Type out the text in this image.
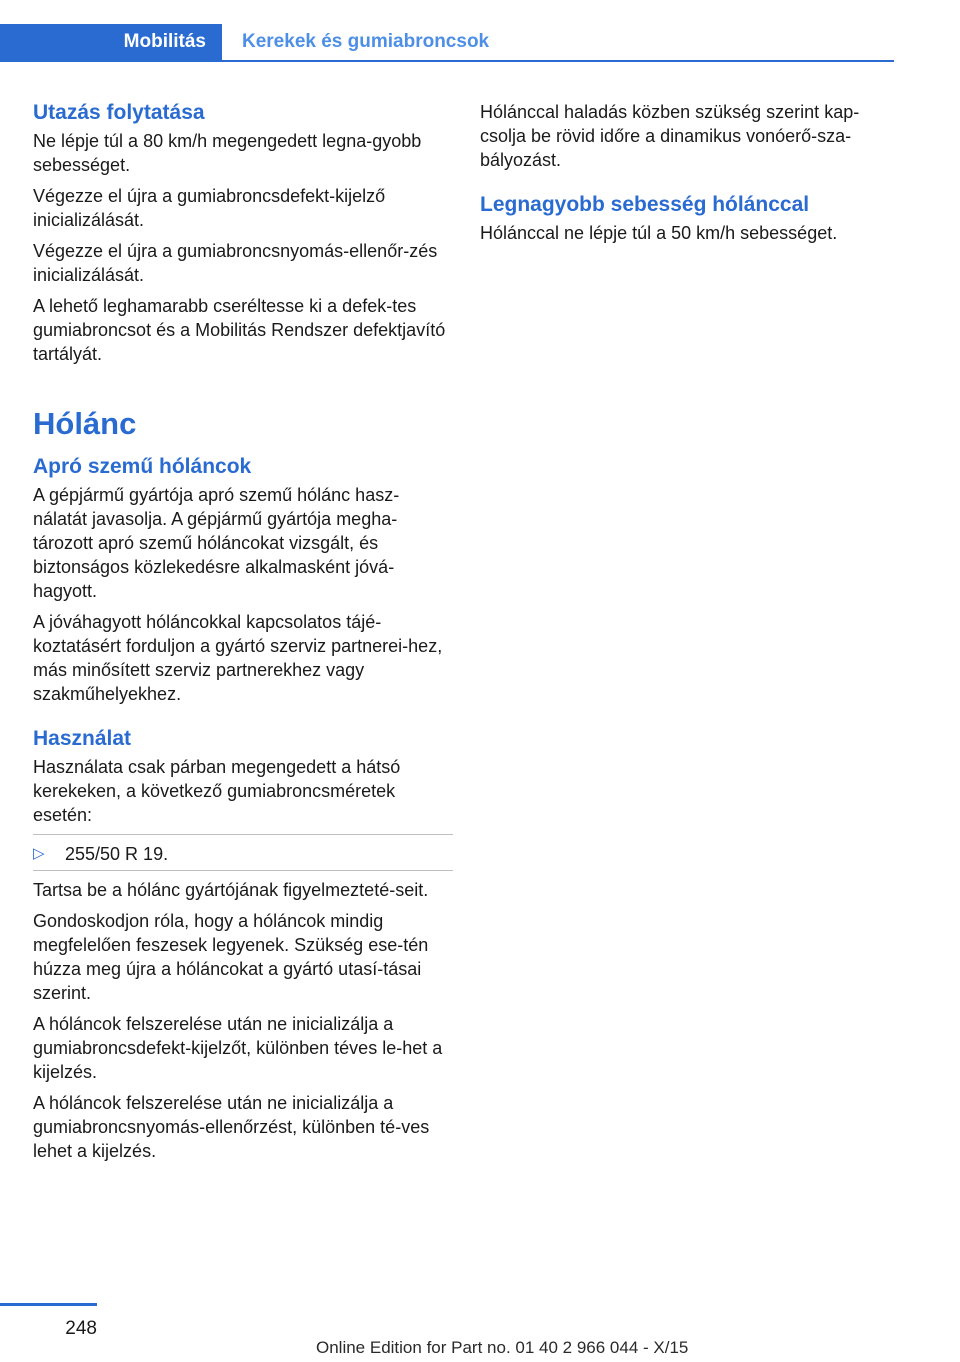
Mobilitás Kerekek és gumiabroncsok
Utazás folytatása

Ne lépje túl a 80 km/h megengedett legna‐gyobb sebességet.

Végezze el újra a gumiabroncsdefekt-kijelző inicializálását.

Végezze el újra a gumiabroncsnyomás-ellenőr‐zés inicializálását.

A lehető leghamarabb cseréltesse ki a defek‐tes gumiabroncsot és a Mobilitás Rendszer defektjavító tartályát.

Hólánc
Apró szemű hóláncok

A gépjármű gyártója apró szemű hólánc hasz‐nálatát javasolja. A gépjármű gyártója megha‐tározott apró szemű hóláncokat vizsgált, és biztonságos közlekedésre alkalmasként jóvá‐hagyott.

A jóváhagyott hóláncokkal kapcsolatos tájé‐koztatásért forduljon a gyártó szerviz partnerei‐hez, más minősített szerviz partnerekhez vagy szakműhelyekhez.

Használat

Használata csak párban megengedett a hátsó kerekeken, a következő gumiabroncsméretek esetén:

▷ 255/50 R 19.

Tartsa be a hólánc gyártójának figyelmezteté‐seit.

Gondoskodjon róla, hogy a hóláncok mindig megfelelően feszesek legyenek. Szükség ese‐tén húzza meg újra a hóláncokat a gyártó utasí‐tásai szerint.

A hóláncok felszerelése után ne inicializálja a gumiabroncsdefekt-kijelzőt, különben téves le‐het a kijelzés.

A hóláncok felszerelése után ne inicializálja a gumiabroncsnyomás-ellenőrzést, különben té‐ves lehet a kijelzés.

Hólánccal haladás közben szükség szerint kap‐csolja be rövid időre a dinamikus vonóerő-sza‐bályozást.

Legnagyobb sebesség hólánccal

Hólánccal ne lépje túl a 50 km/h sebességet.

248
Online Edition for Part no. 01 40 2 966 044 - X/15
